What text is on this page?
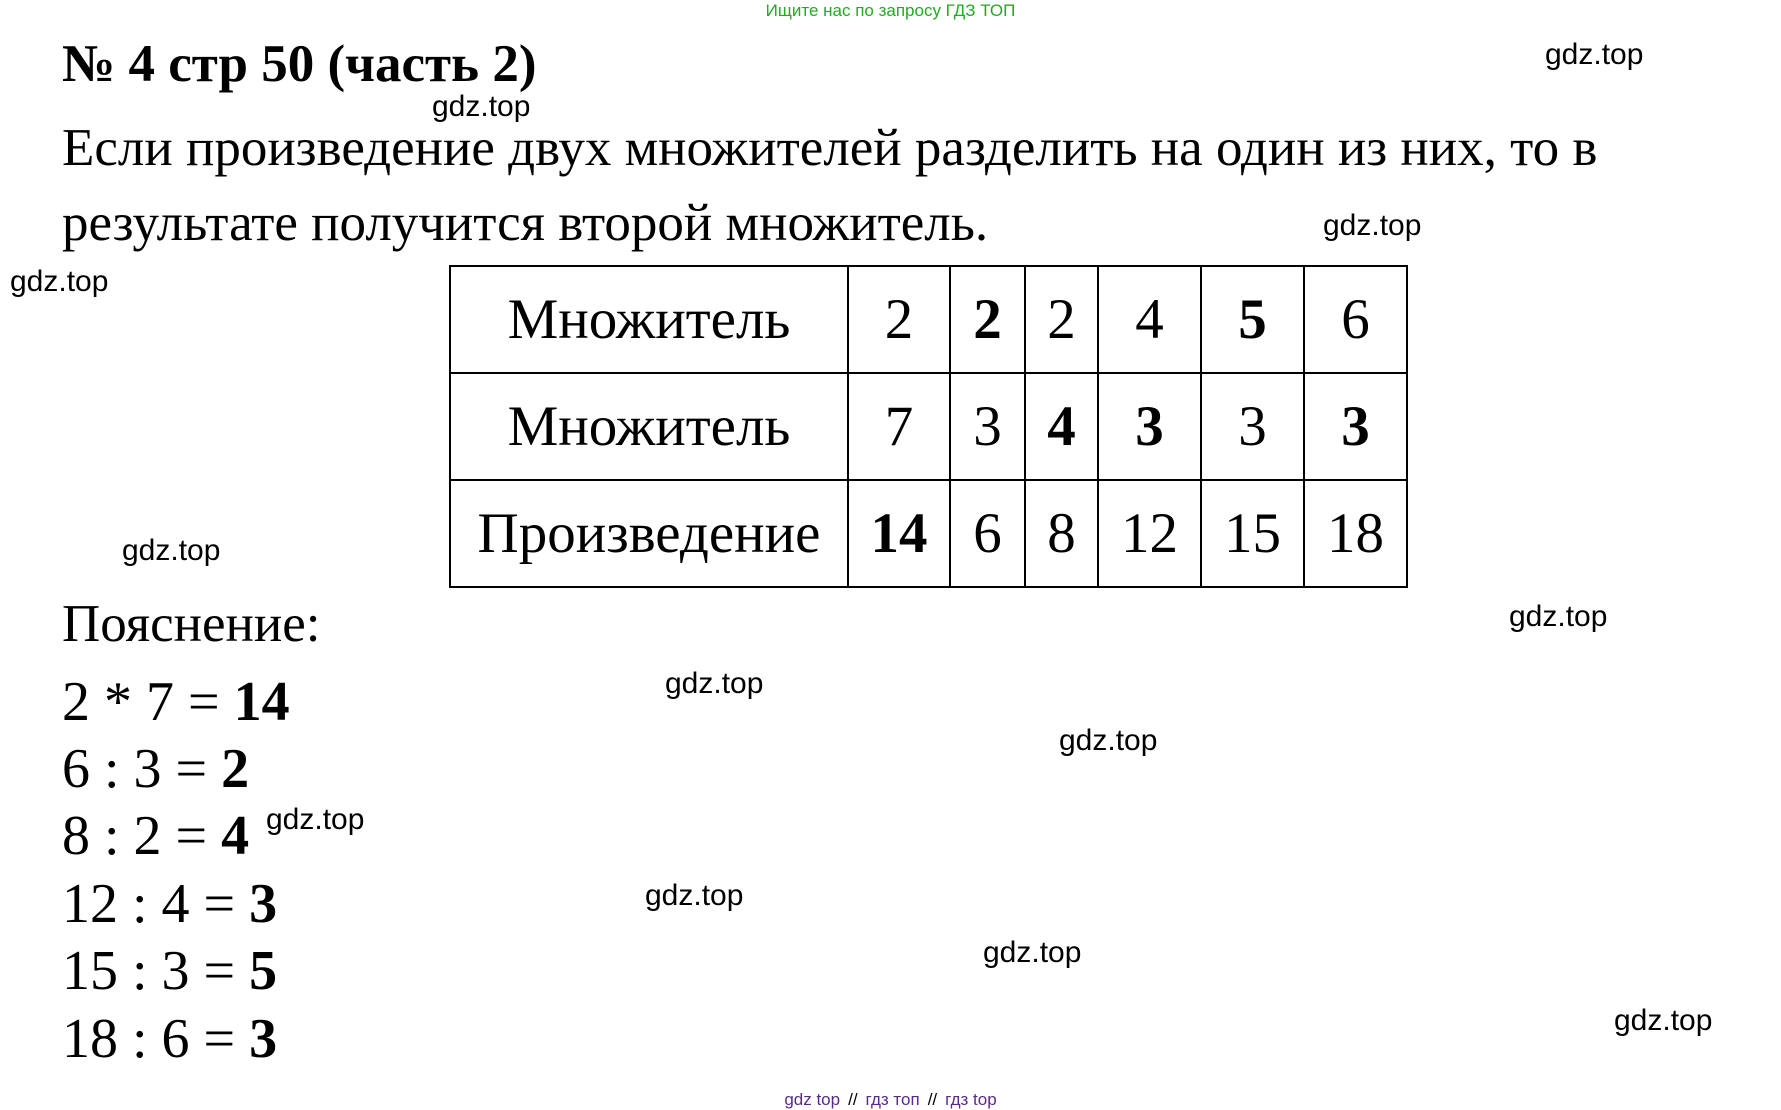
Ищите нас по запросу ГДЗ ТОП
№ 4 стр 50 (часть 2)
Если произведение двух множителей разделить на один из них, то в
результате получится второй множитель.
Множитель	2	2	2	4	5	6
Множитель	7	3	4	3	3	3
Произведение	14	6	8	12	15	18
Пояснение:
2 * 7 = 14
6 : 3 = 2
8 : 2 = 4
12 : 4 = 3
15 : 3 = 5
18 : 6 = 3
gdz.top
gdz.top
gdz.top
gdz.top
gdz.top
gdz.top
gdz.top
gdz.top
gdz.top
gdz.top
gdz.top
gdz.top
gdz top // гдз топ // гдз top
